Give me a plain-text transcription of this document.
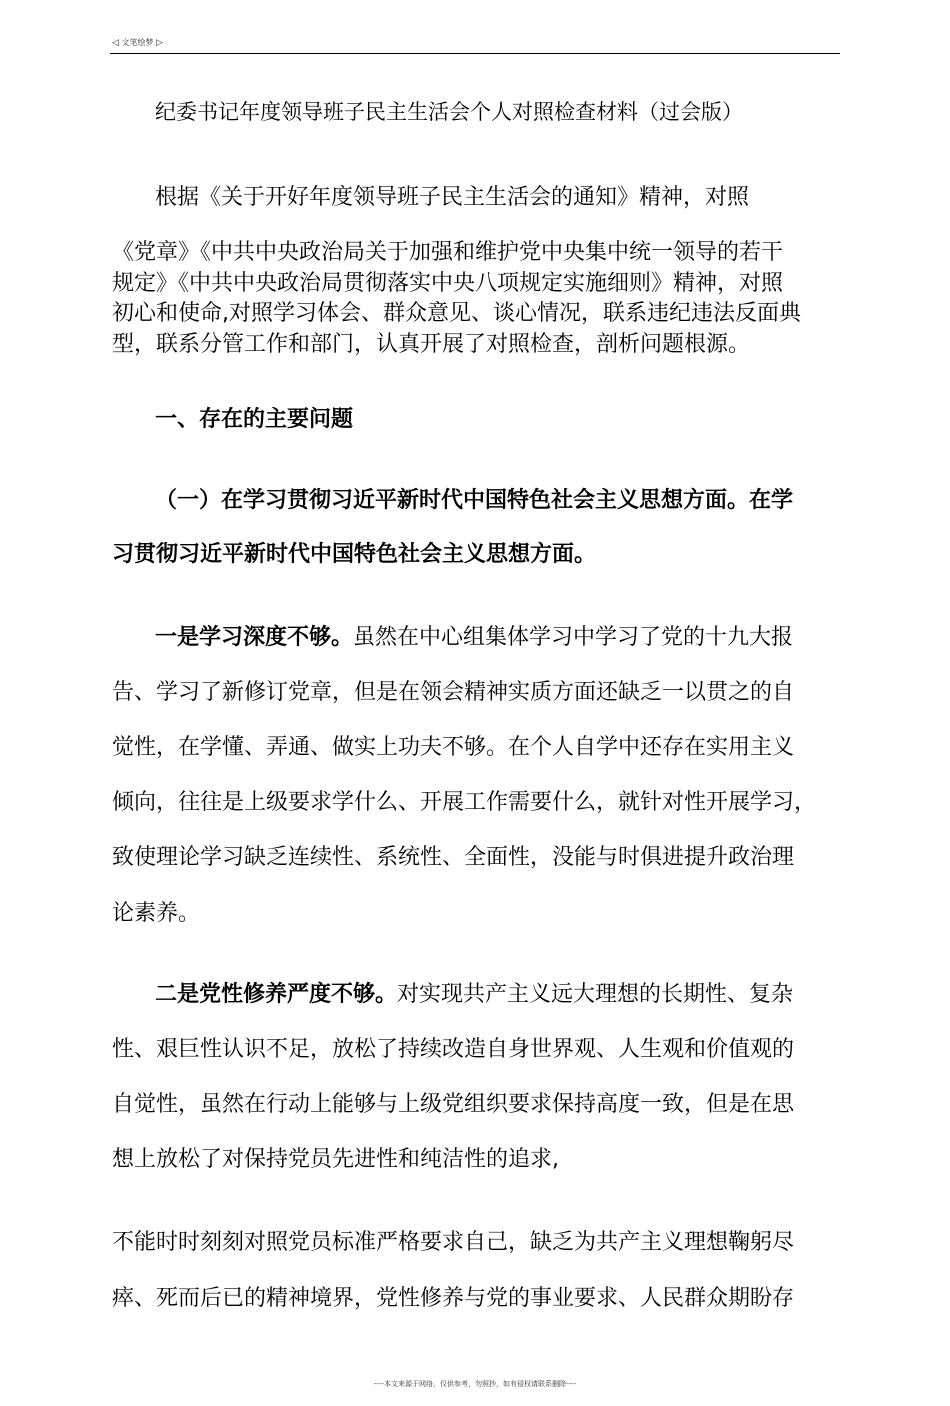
◁ 文笔绘梦 ▷
纪委书记年度领导班子民主生活会个人对照检查材料（过会版）
根据《关于开好年度领导班子民主生活会的通知》精神，对照
《党章》《中共中央政治局关于加强和维护党中央集中统一领导的若干
规定》《中共中央政治局贯彻落实中央八项规定实施细则》精神，对照
初心和使命,对照学习体会、群众意见、谈心情况，联系违纪违法反面典
型，联系分管工作和部门，认真开展了对照检查，剖析问题根源。
一、存在的主要问题
（一）在学习贯彻习近平新时代中国特色社会主义思想方面。在学
习贯彻习近平新时代中国特色社会主义思想方面。
一是学习深度不够。虽然在中心组集体学习中学习了党的十九大报
告、学习了新修订党章，但是在领会精神实质方面还缺乏一以贯之的自
觉性，在学懂、弄通、做实上功夫不够。在个人自学中还存在实用主义
倾向，往往是上级要求学什么、开展工作需要什么，就针对性开展学习，
致使理论学习缺乏连续性、系统性、全面性，没能与时俱进提升政治理
论素养。
二是党性修养严度不够。对实现共产主义远大理想的长期性、复杂
性、艰巨性认识不足，放松了持续改造自身世界观、人生观和价值观的
自觉性，虽然在行动上能够与上级党组织要求保持高度一致，但是在思
想上放松了对保持党员先进性和纯洁性的追求,
不能时时刻刻对照党员标准严格要求自己，缺乏为共产主义理想鞠躬尽
瘁、死而后已的精神境界，党性修养与党的事业要求、人民群众期盼存
----本文来源于网络，仅供参考，勿照抄，如有侵权请联系删除----
